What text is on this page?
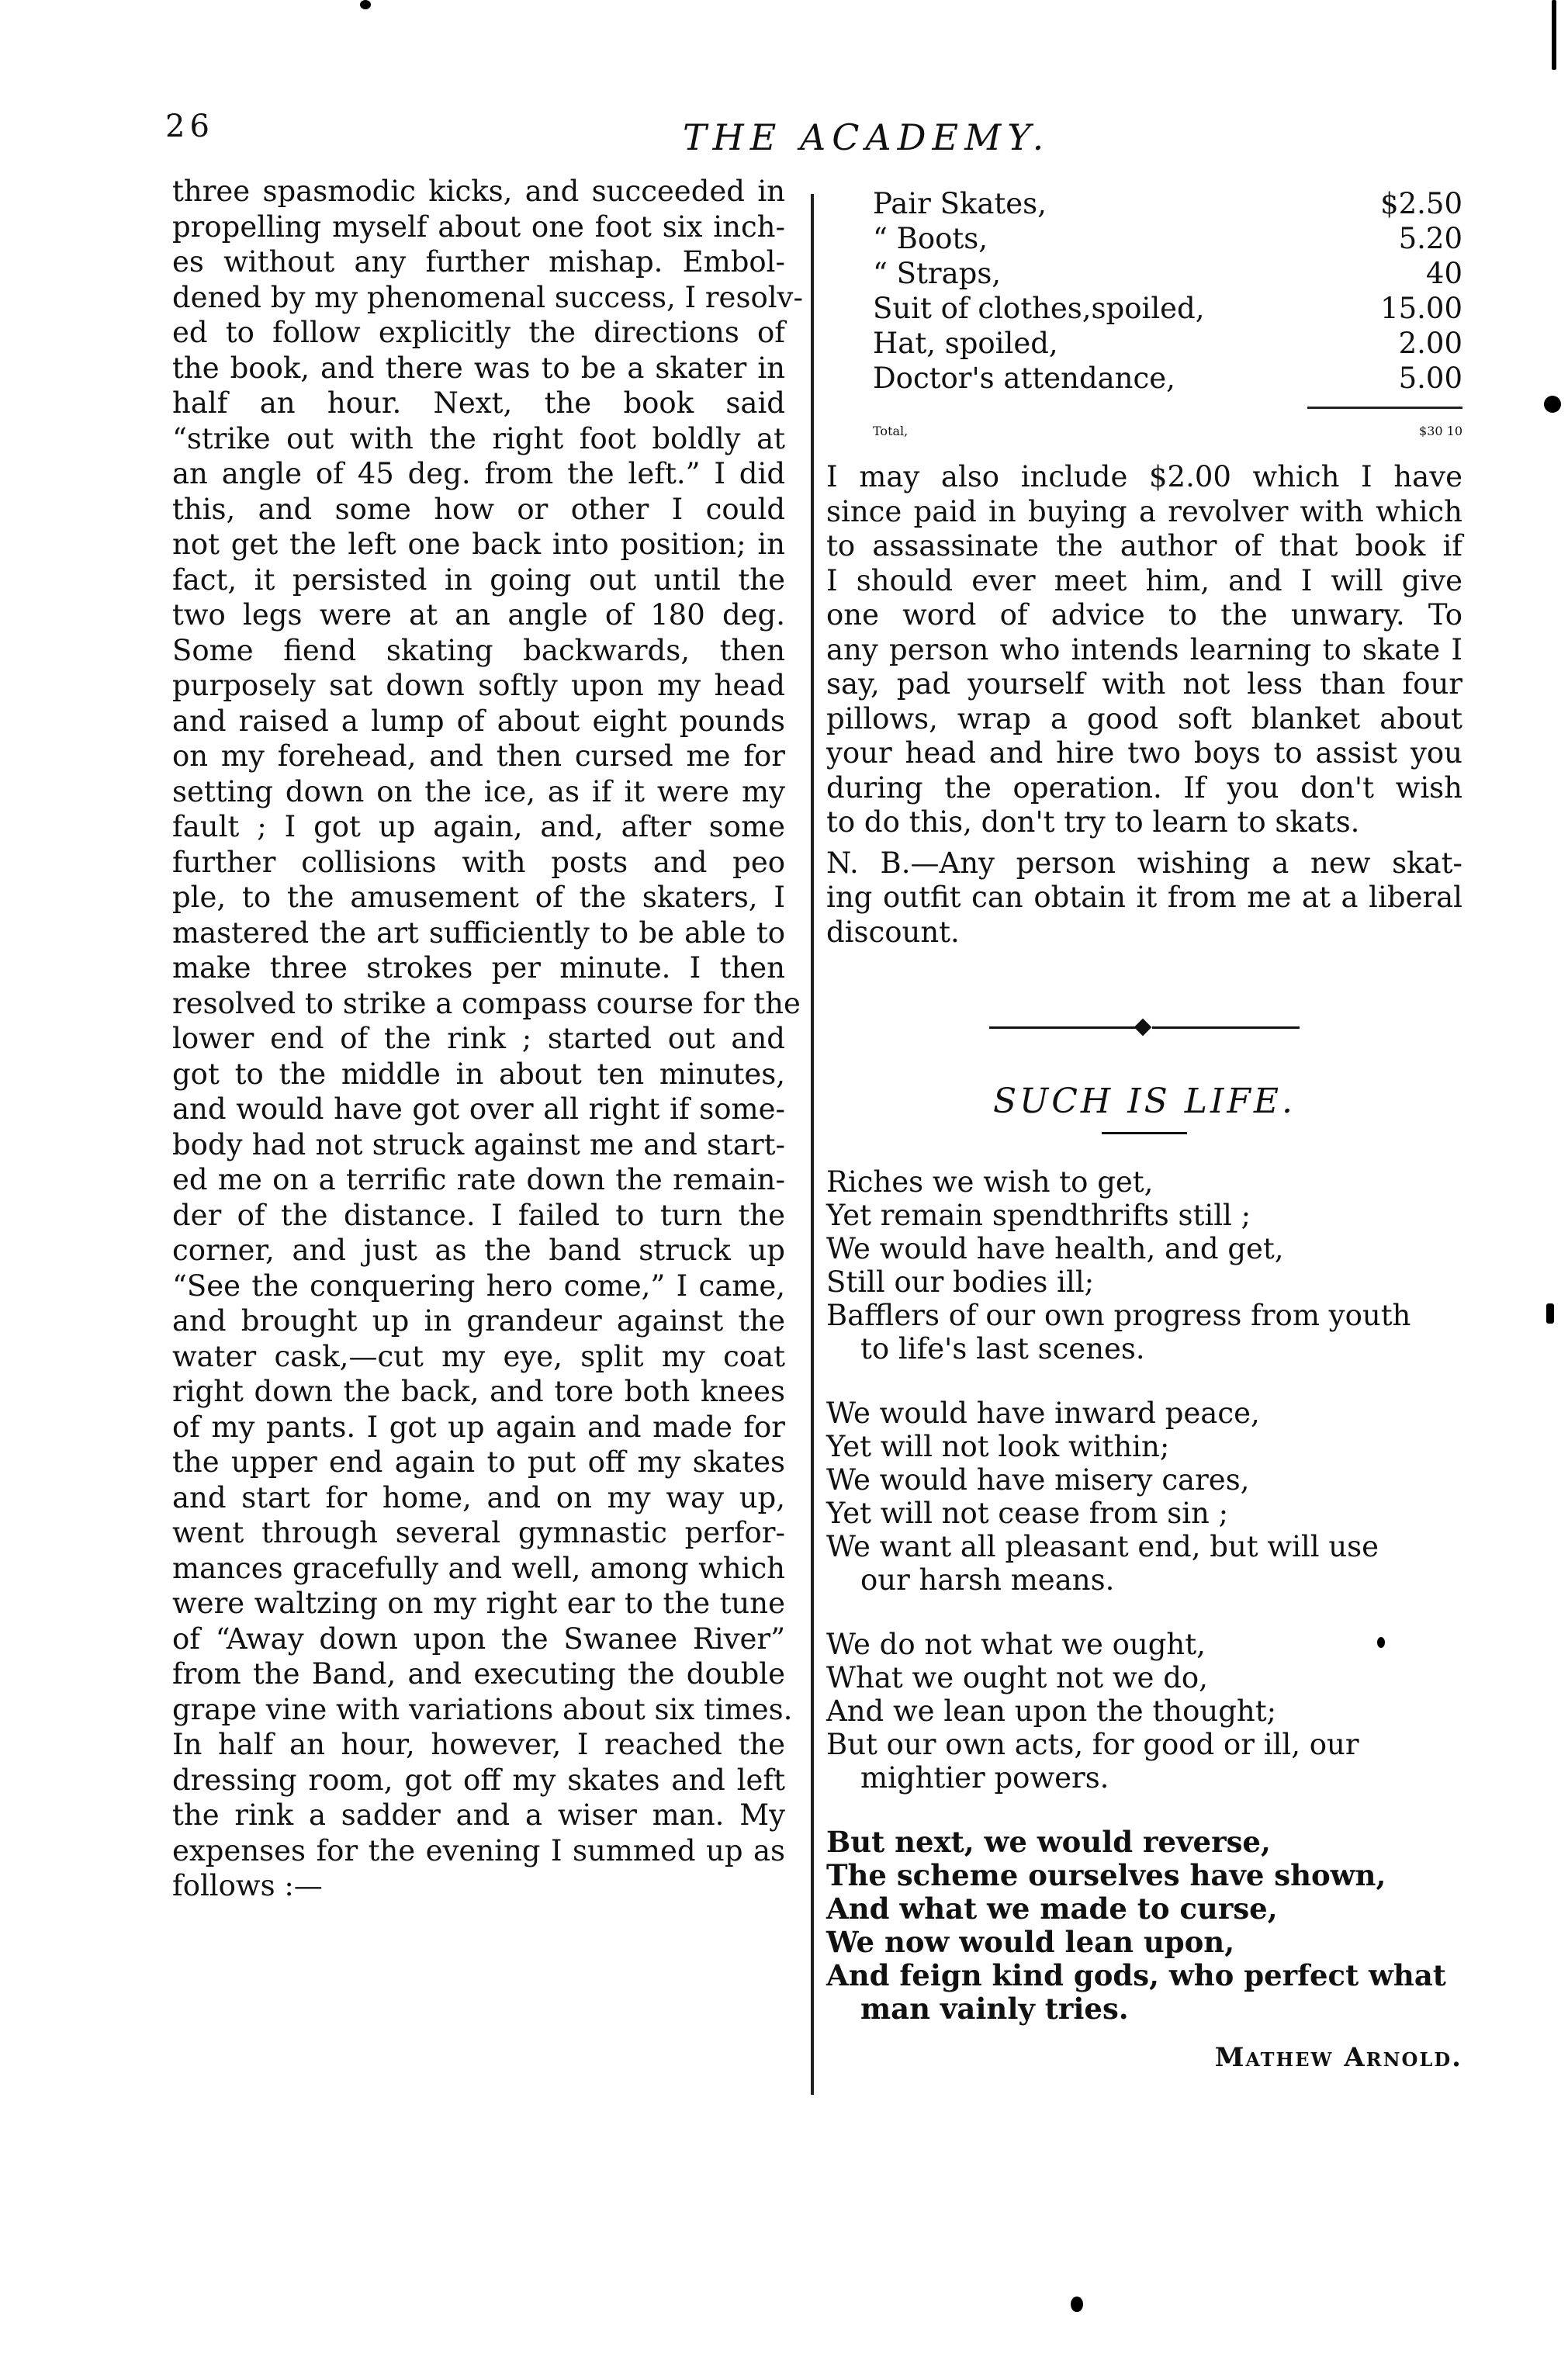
26	THE ACADEMY.
three spasmodic kicks, and succeeded in
propelling myself about one foot six inch-
es without any further mishap. Embol-
dened by my phenomenal success, I resolv-
ed to follow explicitly the directions of
the book, and there was to be a skater in
half an hour. Next, the book said
“strike out with the right foot boldly at
an angle of 45 deg. from the left.” I did
this, and some how or other I could
not get the left one back into position; in
fact, it persisted in going out until the
two legs were at an angle of 180 deg.
Some fiend skating backwards, then
purposely sat down softly upon my head
and raised a lump of about eight pounds
on my forehead, and then cursed me for
setting down on the ice, as if it were my
fault ; I got up again, and, after some
further collisions with posts and peo
ple, to the amusement of the skaters, I
mastered the art sufficiently to be able to
make three strokes per minute. I then
resolved to strike a compass course for the
lower end of the rink ; started out and
got to the middle in about ten minutes,
and would have got over all right if some-
body had not struck against me and start-
ed me on a terrific rate down the remain-
der of the distance. I failed to turn the
corner, and just as the band struck up
“See the conquering hero come,” I came,
and brought up in grandeur against the
water cask,—cut my eye, split my coat
right down the back, and tore both knees
of my pants. I got up again and made for
the upper end again to put off my skates
and start for home, and on my way up,
went through several gymnastic perfor-
mances gracefully and well, among which
were waltzing on my right ear to the tune
of “Away down upon the Swanee River”
from the Band, and executing the double
grape vine with variations about six times.
In half an hour, however, I reached the
dressing room, got off my skates and left
the rink a sadder and a wiser man. My
expenses for the evening I summed up as
follows :—
Pair Skates,	$2.50
“ Boots,	5.20
“ Straps,	40
Suit of clothes,spoiled,	15.00
Hat, spoiled,	2.00
Doctor's attendance,	5.00
Total,	$30 10
I may also include $2.00 which I have
since paid in buying a revolver with which
to assassinate the author of that book if
I should ever meet him, and I will give
one word of advice to the unwary. To
any person who intends learning to skate I
say, pad yourself with not less than four
pillows, wrap a good soft blanket about
your head and hire two boys to assist you
during the operation. If you don't wish
to do this, don't try to learn to skats.
N. B.—Any person wishing a new skat-
ing outfit can obtain it from me at a liberal
discount.
SUCH IS LIFE.
Riches we wish to get,
Yet remain spendthrifts still ;
We would have health, and get,
Still our bodies ill;
Bafflers of our own progress from youth
to life's last scenes.
We would have inward peace,
Yet will not look within;
We would have misery cares,
Yet will not cease from sin ;
We want all pleasant end, but will use
our harsh means.
We do not what we ought,
What we ought not we do,
And we lean upon the thought;
But our own acts, for good or ill, our
mightier powers.
But next, we would reverse,
The scheme ourselves have shown,
And what we made to curse,
We now would lean upon,
And feign kind gods, who perfect what
man vainly tries.
Mathew Arnold.
